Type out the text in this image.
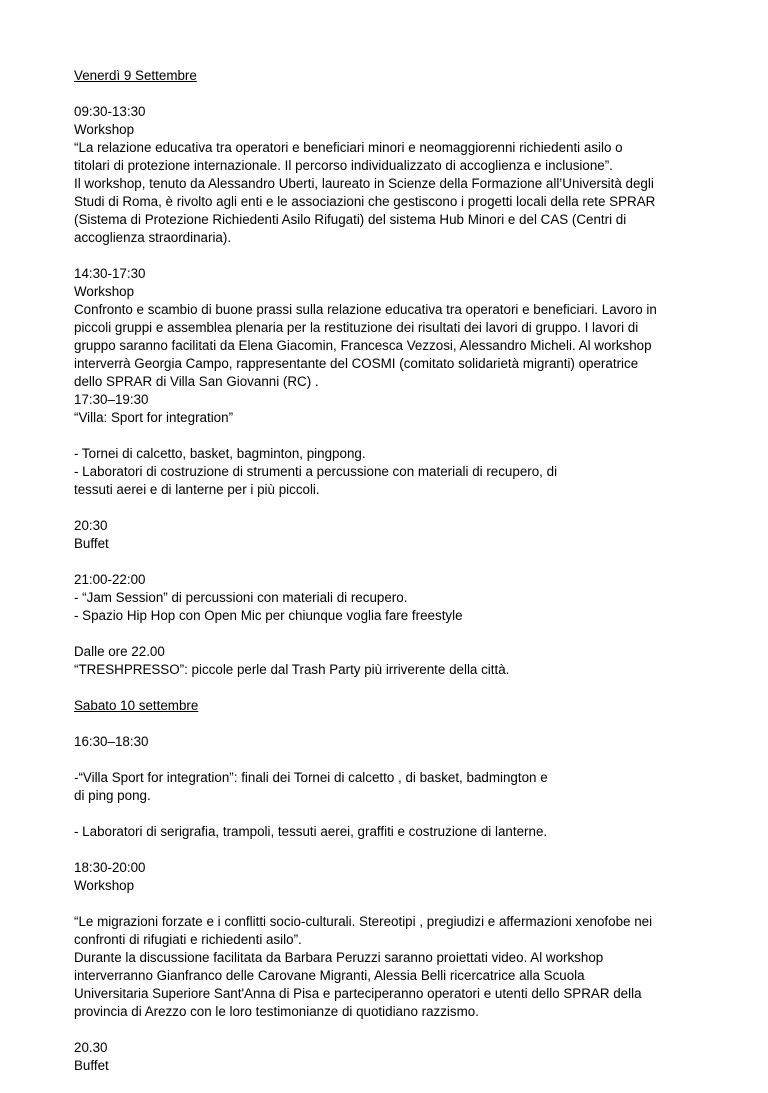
Venerdì 9 Settembre
09:30-13:30
Workshop
“La relazione educativa tra operatori e beneficiari minori e neomaggiorenni richiedenti asilo o
titolari di protezione internazionale. Il percorso individualizzato di accoglienza e inclusione”.
Il workshop, tenuto da Alessandro Uberti, laureato in Scienze della Formazione all’Università degli
Studi di Roma, è rivolto agli enti e le associazioni che gestiscono i progetti locali della rete SPRAR
(Sistema di Protezione Richiedenti Asilo Rifugati) del sistema Hub Minori e del CAS (Centri di
accoglienza straordinaria).
14:30-17:30
Workshop
Confronto e scambio di buone prassi sulla relazione educativa tra operatori e beneficiari. Lavoro in
piccoli gruppi e assemblea plenaria per la restituzione dei risultati dei lavori di gruppo. I lavori di
gruppo saranno facilitati da Elena Giacomin, Francesca Vezzosi, Alessandro Micheli. Al workshop
interverrà Georgia Campo, rappresentante del COSMI (comitato solidarietà migranti) operatrice
dello SPRAR di Villa San Giovanni (RC) .
17:30–19:30
“Villa: Sport for integration”
- Tornei di calcetto, basket, bagminton, pingpong.
- Laboratori di costruzione di strumenti a percussione con materiali di recupero, di
tessuti aerei e di lanterne per i più piccoli.
20:30
Buffet
21:00-22:00
- “Jam Session” di percussioni con materiali di recupero.
- Spazio Hip Hop con Open Mic per chiunque voglia fare freestyle
Dalle ore 22.00
“TRESHPRESSO”: piccole perle dal Trash Party più irriverente della città.
Sabato 10 settembre
16:30–18:30
-“Villa Sport for integration”: finali dei Tornei di calcetto , di basket, badmington e
di ping pong.
- Laboratori di serigrafia, trampoli, tessuti aerei, graffiti e costruzione di lanterne.
18:30-20:00
Workshop
“Le migrazioni forzate e i conflitti socio-culturali. Stereotipi , pregiudizi e affermazioni xenofobe nei
confronti di rifugiati e richiedenti asilo”.
Durante la discussione facilitata da Barbara Peruzzi saranno proiettati video. Al workshop
interverranno Gianfranco delle Carovane Migranti, Alessia Belli ricercatrice alla Scuola
Universitaria Superiore Sant'Anna di Pisa e parteciperanno operatori e utenti dello SPRAR della
provincia di Arezzo con le loro testimonianze di quotidiano razzismo.
20.30
Buffet
